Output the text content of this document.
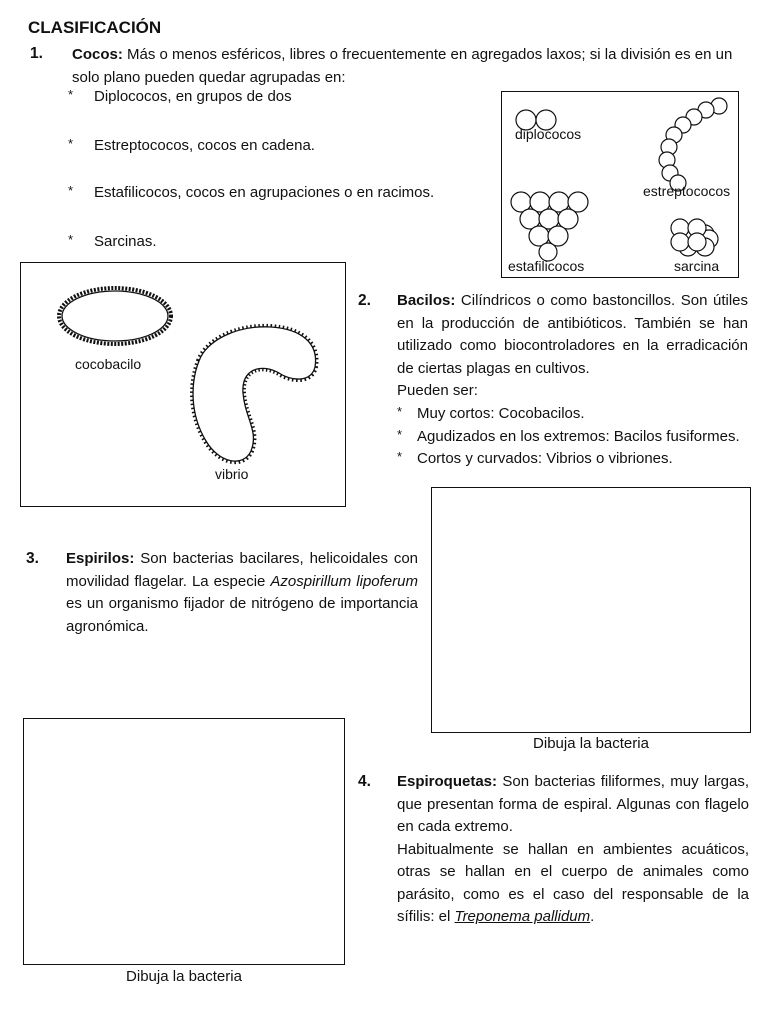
CLASIFICACIÓN
1. Cocos: Más o menos esféricos, libres o frecuentemente en agregados laxos; si la división es en un solo plano pueden quedar agrupadas en:
* Diplococos, en grupos de dos
* Estreptococos, cocos en cadena.
* Estafilicocos, cocos en agrupaciones o en racimos.
* Sarcinas.
diplococos
estreptococos
estafilicocos	sarcina
cocobacilo
vibrio
2. Bacilos: Cilíndricos o como bastoncillos. Son útiles en la producción de antibióticos. También se han utilizado como biocontroladores en la erradicación de ciertas plagas en cultivos.
Pueden ser:
* Muy cortos: Cocobacilos.
* Agudizados en los extremos: Bacilos fusiformes.
* Cortos y curvados: Vibrios o vibriones.
Dibuja la bacteria
3. Espirilos: Son bacterias bacilares, helicoidales con movilidad flagelar. La especie Azospirillum lipoferum es un organismo fijador de nitrógeno de importancia agronómica.
Dibuja la bacteria
4. Espiroquetas: Son bacterias filiformes, muy largas, que presentan forma de espiral. Algunas con flagelo en cada extremo.
Habitualmente se hallan en ambientes acuáticos, otras se hallan en el cuerpo de animales como parásito, como es el caso del responsable de la sífilis: el Treponema pallidum.
